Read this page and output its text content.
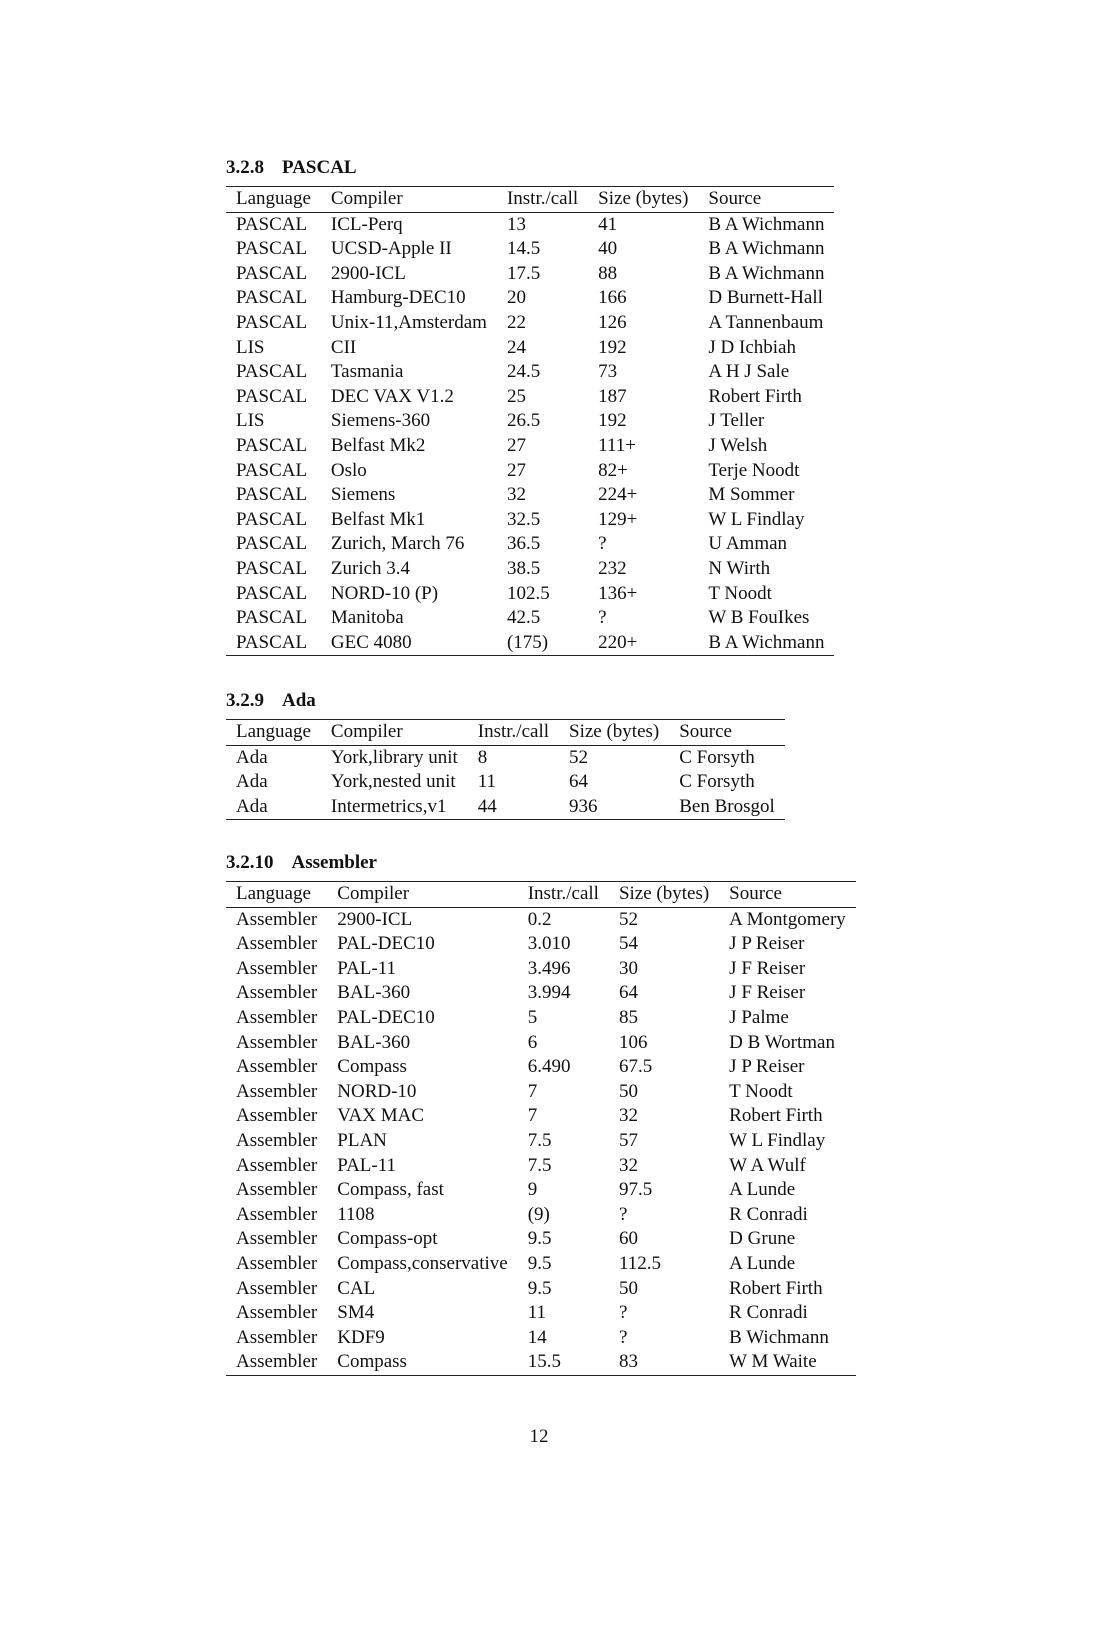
3.2.8 PASCAL
Language	Compiler	Instr./call	Size (bytes)	Source
PASCAL	ICL-Perq	13	41	B A Wichmann
PASCAL	UCSD-Apple II	14.5	40	B A Wichmann
PASCAL	2900-ICL	17.5	88	B A Wichmann
PASCAL	Hamburg-DEC10	20	166	D Burnett-Hall
PASCAL	Unix-11,Amsterdam	22	126	A Tannenbaum
LIS	CII	24	192	J D Ichbiah
PASCAL	Tasmania	24.5	73	A H J Sale
PASCAL	DEC VAX V1.2	25	187	Robert Firth
LIS	Siemens-360	26.5	192	J Teller
PASCAL	Belfast Mk2	27	111+	J Welsh
PASCAL	Oslo	27	82+	Terje Noodt
PASCAL	Siemens	32	224+	M Sommer
PASCAL	Belfast Mk1	32.5	129+	W L Findlay
PASCAL	Zurich, March 76	36.5	?	U Amman
PASCAL	Zurich 3.4	38.5	232	N Wirth
PASCAL	NORD-10 (P)	102.5	136+	T Noodt
PASCAL	Manitoba	42.5	?	W B FouIkes
PASCAL	GEC 4080	(175)	220+	B A Wichmann
3.2.9 Ada
Language	Compiler	Instr./call	Size (bytes)	Source
Ada	York,library unit	8	52	C Forsyth
Ada	York,nested unit	11	64	C Forsyth
Ada	Intermetrics,v1	44	936	Ben Brosgol
3.2.10 Assembler
Language	Compiler	Instr./call	Size (bytes)	Source
Assembler	2900-ICL	0.2	52	A Montgomery
Assembler	PAL-DEC10	3.010	54	J P Reiser
Assembler	PAL-11	3.496	30	J F Reiser
Assembler	BAL-360	3.994	64	J F Reiser
Assembler	PAL-DEC10	5	85	J Palme
Assembler	BAL-360	6	106	D B Wortman
Assembler	Compass	6.490	67.5	J P Reiser
Assembler	NORD-10	7	50	T Noodt
Assembler	VAX MAC	7	32	Robert Firth
Assembler	PLAN	7.5	57	W L Findlay
Assembler	PAL-11	7.5	32	W A Wulf
Assembler	Compass, fast	9	97.5	A Lunde
Assembler	1108	(9)	?	R Conradi
Assembler	Compass-opt	9.5	60	D Grune
Assembler	Compass,conservative	9.5	112.5	A Lunde
Assembler	CAL	9.5	50	Robert Firth
Assembler	SM4	11	?	R Conradi
Assembler	KDF9	14	?	B Wichmann
Assembler	Compass	15.5	83	W M Waite
12
